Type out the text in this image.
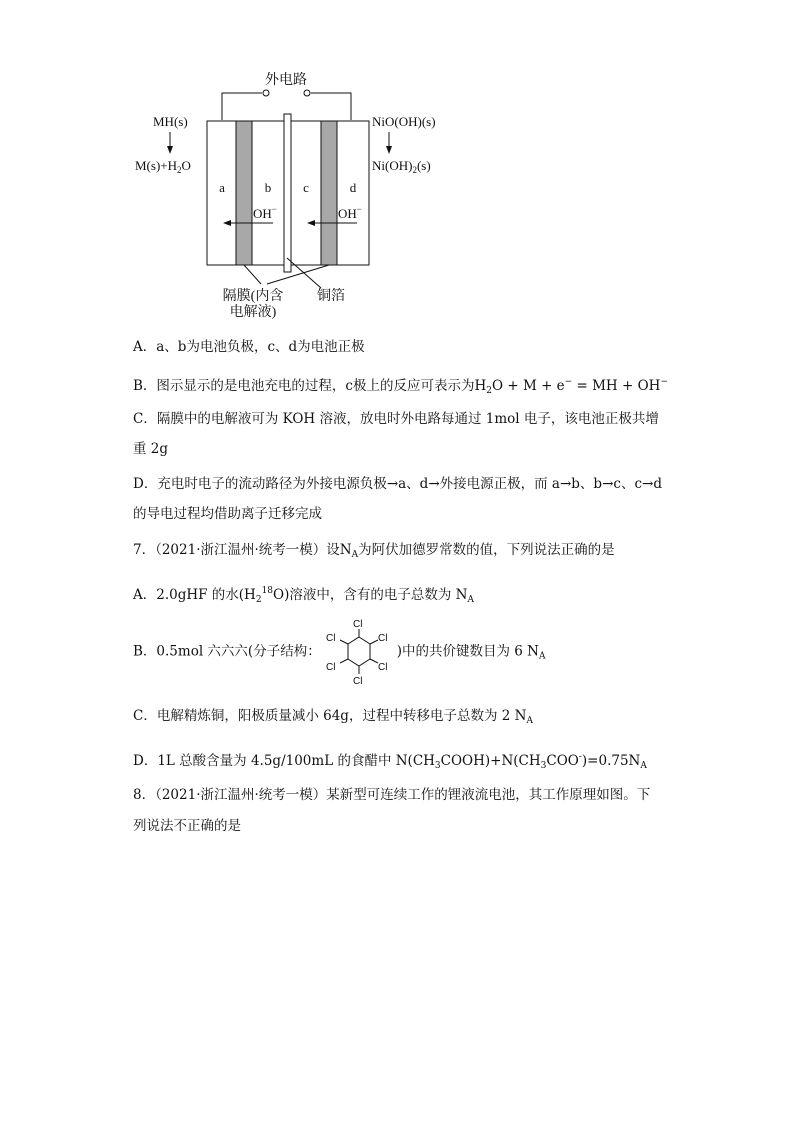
外电路
a	b c	d
OH−	OH−
MH(s)
$M(s)+H_2O$
NiO(OH)(s)
$Ni(OH)_2(s)$
隔膜(内含
电解液)
铜箔
A．a、b为电池负极，c、d为电池正极
B．图示显示的是电池充电的过程，c极上的反应可表示为$H_2O + M + e^-$ = MH + OH−
C．隔膜中的电解液可为 KOH 溶液，放电时外电路每通过 1mol 电子，该电池正极共增
重 2g
D．充电时电子的流动路径为外接电源负极→a、d→外接电源正极，而 a→b、b→c、c→d
的导电过程均借助离子迁移完成
7．（2021·浙江温州·统考一模）设$N_A$为阿伏加德罗常数的值，下列说法正确的是
A．2.0gHF 的水$(H_2^{18}O)$溶液中，含有的电子总数为 $N_A$
B．0.5mol 六六六(分子结构：
Cl
Cl
Cl
Cl
Cl
Cl
)中的共价键数目为 6 $N_A$
C．电解精炼铜，阳极质量减小 64g，过程中转移电子总数为 2 $N_A$
D．1L 总酸含量为 4.5g/100mL 的食醋中 $N(CH_3COOH)+N(CH_3COO^-)=0.75N_A$
8．（2021·浙江温州·统考一模）某新型可连续工作的锂液流电池，其工作原理如图。下
列说法不正确的是
